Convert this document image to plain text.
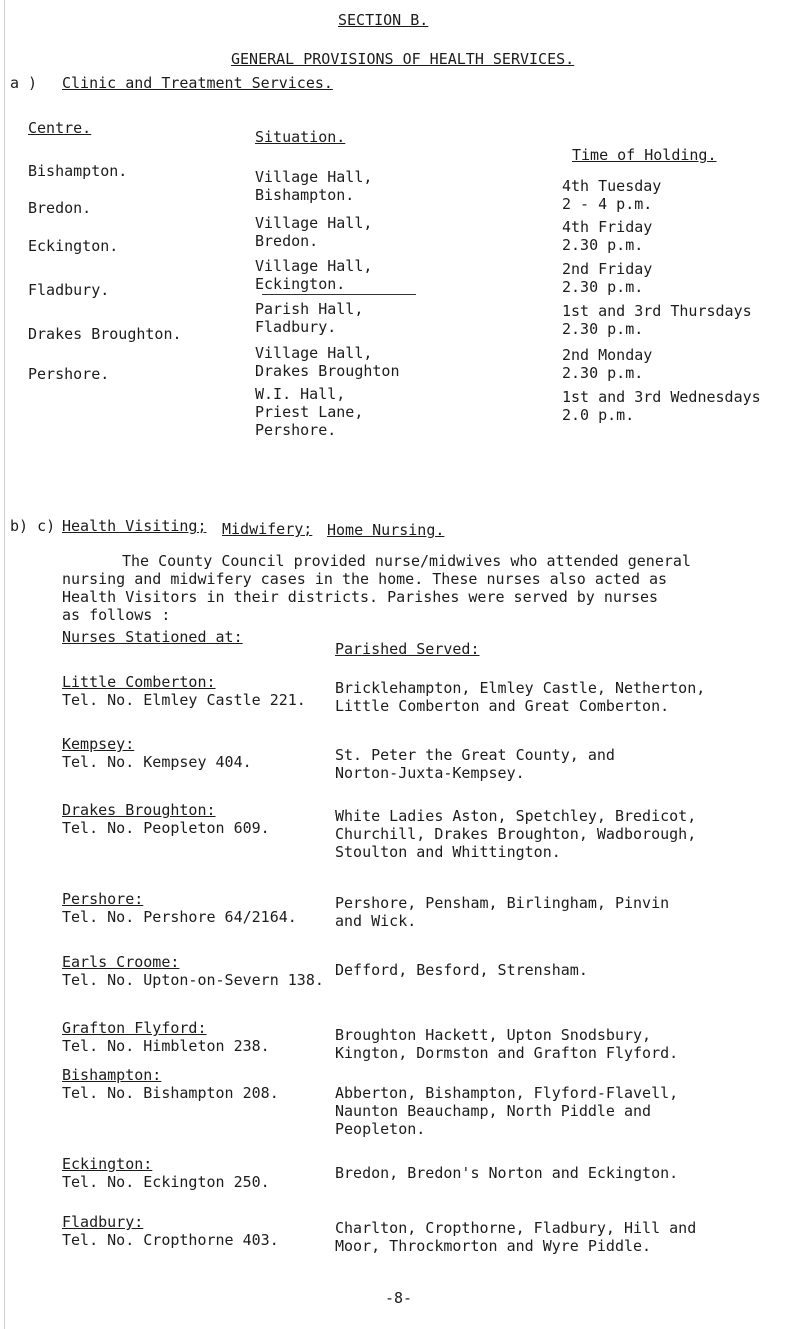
SECTION B.
GENERAL PROVISIONS OF HEALTH SERVICES.
a ) Clinic and Treatment Services.
Centre.	Situation.
Time of Holding.
Bishampton.
Bredon.
Eckington.
Fladbury.
Drakes Broughton.
Pershore.
Village Hall,
Bishampton.
Village Hall,
Bredon.
Village Hall,
Eckington.
Parish Hall,
Fladbury.
Village Hall,
Drakes Broughton
W.I. Hall,
Priest Lane,
Pershore.
4th Tuesday
2 - 4 p.m.
4th Friday
2.30 p.m.
2nd Friday
2.30 p.m.
1st and 3rd Thursdays
2.30 p.m.
2nd Monday
2.30 p.m.
1st and 3rd Wednesdays
2.0 p.m.
b) c) Health Visiting; Midwifery; Home Nursing.
The County Council provided nurse/midwives who attended general
nursing and midwifery cases in the home. These nurses also acted as
Health Visitors in their districts. Parishes were served by nurses
as follows :
Nurses Stationed at:
Parished Served:
Little Comberton:
Tel. No. Elmley Castle 221.
Kempsey:
Tel. No. Kempsey 404.
Drakes Broughton:
Tel. No. Peopleton 609.
Pershore:
Tel. No. Pershore 64/2164.
Earls Croome:
Tel. No. Upton-on-Severn 138.
Grafton Flyford:
Tel. No. Himbleton 238.
Bishampton:
Tel. No. Bishampton 208.
Eckington:
Tel. No. Eckington 250.
Fladbury:
Tel. No. Cropthorne 403.
Bricklehampton, Elmley Castle, Netherton,
Little Comberton and Great Comberton.
St. Peter the Great County, and
Norton-Juxta-Kempsey.
White Ladies Aston, Spetchley, Bredicot,
Churchill, Drakes Broughton, Wadborough,
Stoulton and Whittington.
Pershore, Pensham, Birlingham, Pinvin
and Wick.
Defford, Besford, Strensham.
Broughton Hackett, Upton Snodsbury,
Kington, Dormston and Grafton Flyford.
Abberton, Bishampton, Flyford-Flavell,
Naunton Beauchamp, North Piddle and
Peopleton.
Bredon, Bredon's Norton and Eckington.
Charlton, Cropthorne, Fladbury, Hill and
Moor, Throckmorton and Wyre Piddle.
-8-
